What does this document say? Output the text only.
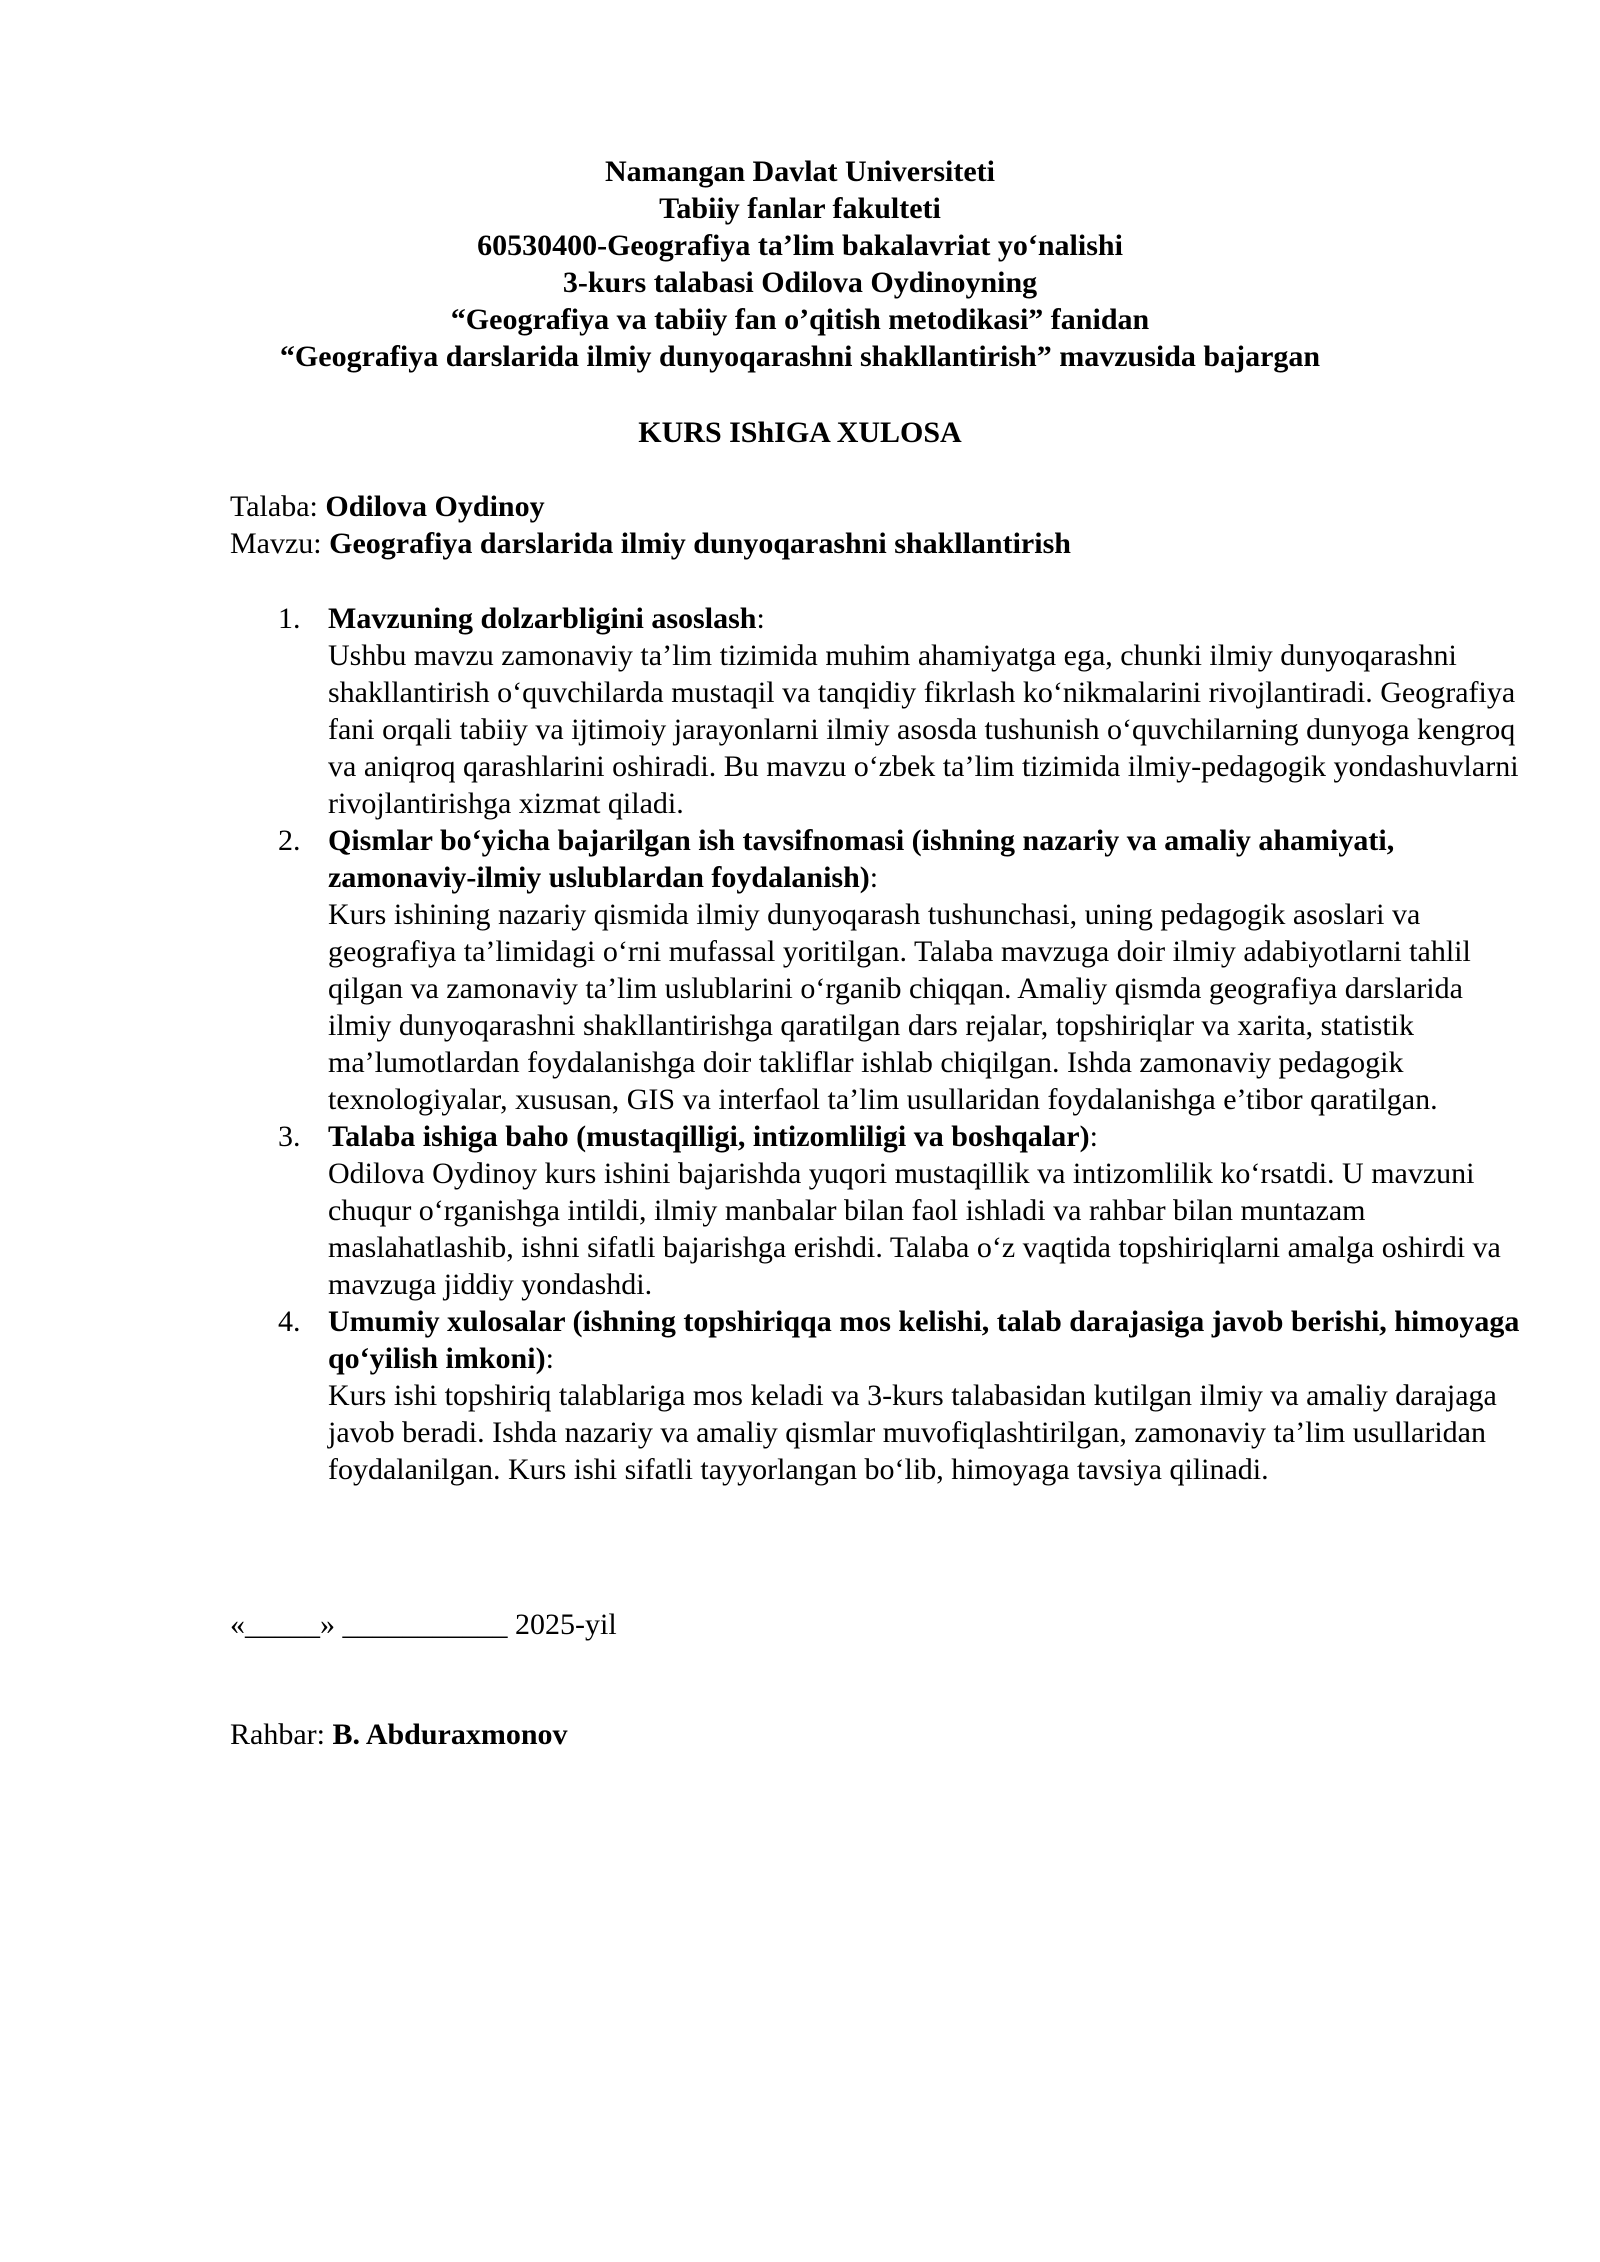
Namangan Davlat Universiteti
Tabiiy fanlar fakulteti
60530400-Geografiya ta’lim bakalavriat yo‘nalishi
3-kurs talabasi Odilova Oydinoyning
“Geografiya va tabiiy fan o’qitish metodikasi” fanidan
“Geografiya darslarida ilmiy dunyoqarashni shakllantirish” mavzusida bajargan
KURS IShIGA XULOSA
Talaba: Odilova Oydinoy
Mavzu: Geografiya darslarida ilmiy dunyoqarashni shakllantirish
1. Mavzuning dolzarbligini asoslash:
Ushbu mavzu zamonaviy ta’lim tizimida muhim ahamiyatga ega, chunki ilmiy dunyoqarashni shakllantirish o‘quvchilarda mustaqil va tanqidiy fikrlash ko‘nikmalarini rivojlantiradi. Geografiya fani orqali tabiiy va ijtimoiy jarayonlarni ilmiy asosda tushunish o‘quvchilarning dunyoga kengroq va aniqroq qarashlarini oshiradi. Bu mavzu o‘zbek ta’lim tizimida ilmiy-pedagogik yondashuvlarni rivojlantirishga xizmat qiladi.
2. Qismlar bo‘yicha bajarilgan ish tavsifnomasi (ishning nazariy va amaliy ahamiyati, zamonaviy-ilmiy uslublardan foydalanish):
Kurs ishining nazariy qismida ilmiy dunyoqarash tushunchasi, uning pedagogik asoslari va geografiya ta’limidagi o‘rni mufassal yoritilgan. Talaba mavzuga doir ilmiy adabiyotlarni tahlil qilgan va zamonaviy ta’lim uslublarini o‘rganib chiqqan. Amaliy qismda geografiya darslarida ilmiy dunyoqarashni shakllantirishga qaratilgan dars rejalar, topshiriqlar va xarita, statistik ma’lumotlardan foydalanishga doir takliflar ishlab chiqilgan. Ishda zamonaviy pedagogik texnologiyalar, xususan, GIS va interfaol ta’lim usullaridan foydalanishga e’tibor qaratilgan.
3. Talaba ishiga baho (mustaqilligi, intizomliligi va boshqalar):
Odilova Oydinoy kurs ishini bajarishda yuqori mustaqillik va intizomlilik ko‘rsatdi. U mavzuni chuqur o‘rganishga intildi, ilmiy manbalar bilan faol ishladi va rahbar bilan muntazam maslahatlashib, ishni sifatli bajarishga erishdi. Talaba o‘z vaqtida topshiriqlarni amalga oshirdi va mavzuga jiddiy yondashdi.
4. Umumiy xulosalar (ishning topshiriqqa mos kelishi, talab darajasiga javob berishi, himoyaga qo‘yilish imkoni):
Kurs ishi topshiriq talablariga mos keladi va 3-kurs talabasidan kutilgan ilmiy va amaliy darajaga javob beradi. Ishda nazariy va amaliy qismlar muvofiqlashtirilgan, zamonaviy ta’lim usullaridan foydalanilgan. Kurs ishi sifatli tayyorlangan bo‘lib, himoyaga tavsiya qilinadi.
«_____» ___________ 2025-yil
Rahbar: B. Abduraxmonov
